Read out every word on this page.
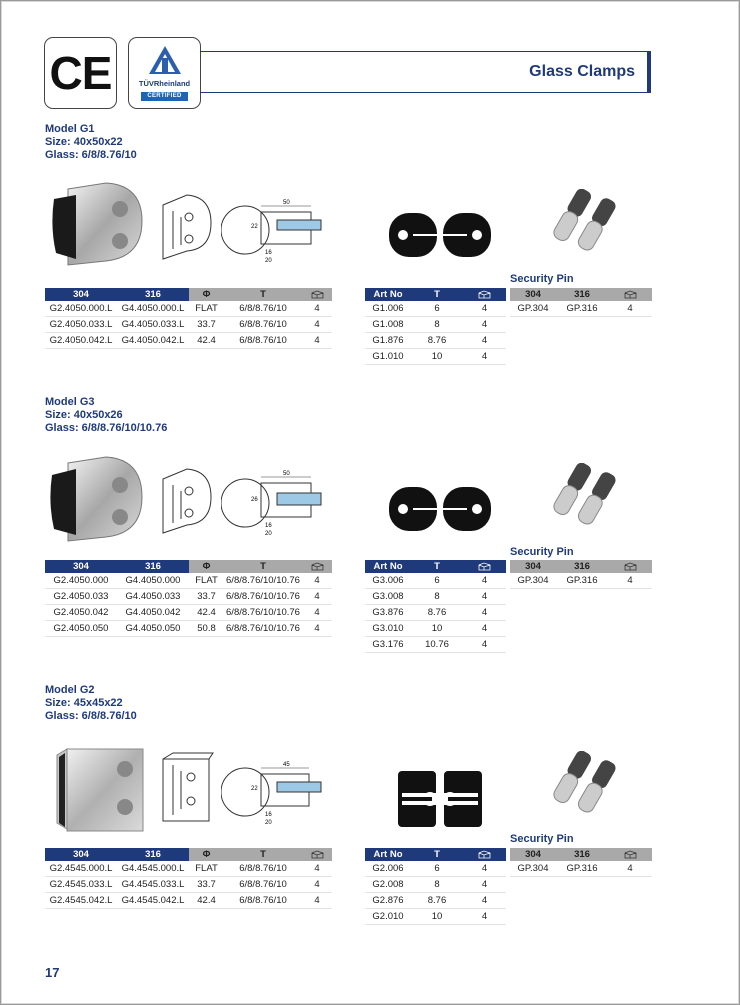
CE	TÜVRheinland
CERTIFIED
Glass Clamps
Model G1
Size: 40x50x22
Glass: 6/8/8.76/10
50
22
16
20
304	316	Φ	T	
G2.4050.000.L	G4.4050.000.L	FLAT	6/8/8.76/10	4
G2.4050.033.L	G4.4050.033.L	33.7	6/8/8.76/10	4
G2.4050.042.L	G4.4050.042.L	42.4	6/8/8.76/10	4
Art No	T	
G1.006	6	4
G1.008	8	4
G1.876	8.76	4
G1.010	10	4
Security Pin
304	316	
GP.304	GP.316	4
Model G3
Size: 40x50x26
Glass: 6/8/8.76/10/10.76
50
26
16
20
304	316	Φ	T	
G2.4050.000	G4.4050.000	FLAT	6/8/8.76/10/10.76	4
G2.4050.033	G4.4050.033	33.7	6/8/8.76/10/10.76	4
G2.4050.042	G4.4050.042	42.4	6/8/8.76/10/10.76	4
G2.4050.050	G4.4050.050	50.8	6/8/8.76/10/10.76	4
Art No	T	
G3.006	6	4
G3.008	8	4
G3.876	8.76	4
G3.010	10	4
G3.176	10.76	4
Security Pin
304	316	
GP.304	GP.316	4
Model G2
Size: 45x45x22
Glass: 6/8/8.76/10
45
22
16
20
304	316	Φ	T	
G2.4545.000.L	G4.4545.000.L	FLAT	6/8/8.76/10	4
G2.4545.033.L	G4.4545.033.L	33.7	6/8/8.76/10	4
G2.4545.042.L	G4.4545.042.L	42.4	6/8/8.76/10	4
Art No	T	
G2.006	6	4
G2.008	8	4
G2.876	8.76	4
G2.010	10	4
Security Pin
304	316	
GP.304	GP.316	4
17
